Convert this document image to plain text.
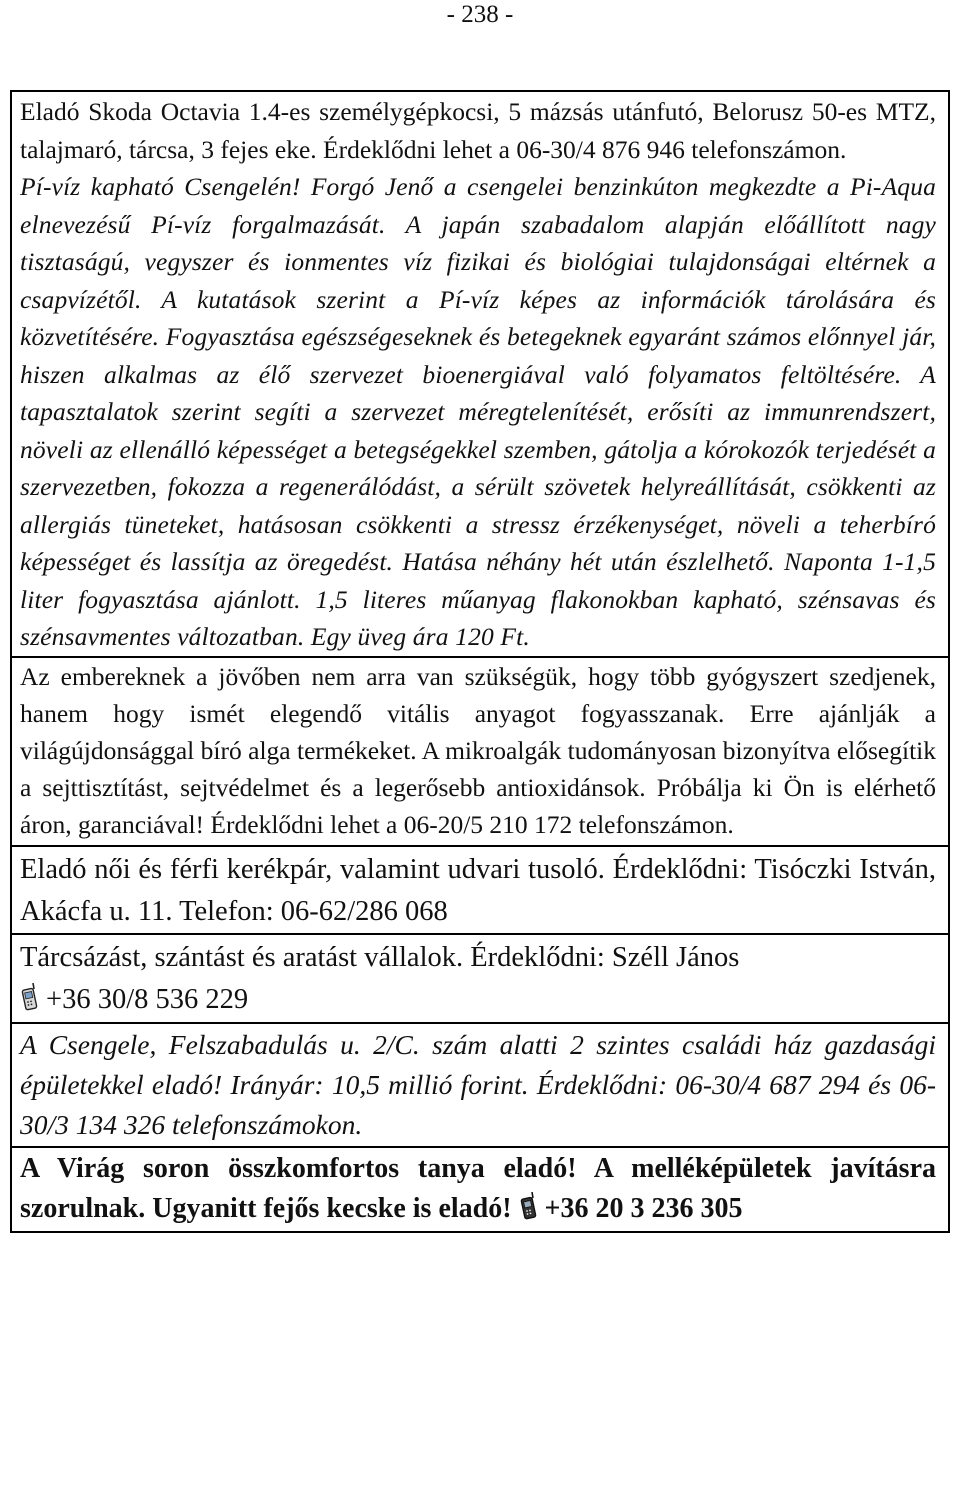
- 238 -
Eladó Skoda Octavia 1.4-es személygépkocsi, 5 mázsás utánfutó, Belorusz 50-es MTZ, talajmaró, tárcsa, 3 fejes eke. Érdeklődni lehet a 06-30/4 876 946 telefonszámon.
Pí-víz kapható Csengelén! Forgó Jenő a csengelei benzinkúton megkezdte a Pi-Aqua elnevezésű Pí-víz forgalmazását. A japán szabadalom alapján előállított nagy tisztaságú, vegyszer és ionmentes víz fizikai és biológiai tulajdonságai eltérnek a csapvízétől. A kutatások szerint a Pí-víz képes az információk tárolására és közvetítésére. Fogyasztása egészségeseknek és betegeknek egyaránt számos előnnyel jár, hiszen alkalmas az élő szervezet bioenergiával való folyamatos feltöltésére. A tapasztalatok szerint segíti a szervezet méregtelenítését, erősíti az immunrendszert, növeli az ellenálló képességet a betegségekkel szemben, gátolja a kórokozók terjedését a szervezetben, fokozza a regenerálódást, a sérült szövetek helyreállítását, csökkenti az allergiás tüneteket, hatásosan csökkenti a stressz érzékenységet, növeli a teherbíró képességet és lassítja az öregedést. Hatása néhány hét után észlelhető. Naponta 1-1,5 liter fogyasztása ajánlott. 1,5 literes műanyag flakonokban kapható, szénsavas és szénsavmentes változatban. Egy üveg ára 120 Ft.
Az embereknek a jövőben nem arra van szükségük, hogy több gyógyszert szedjenek, hanem hogy ismét elegendő vitális anyagot fogyasszanak. Erre ajánlják a világújdonsággal bíró alga termékeket. A mikroalgák tudományosan bizonyítva elősegítik a sejttisztítást, sejtvédelmet és a legerősebb antioxidánsok. Próbálja ki Ön is elérhető áron, garanciával! Érdeklődni lehet a 06-20/5 210 172 telefonszámon.
Eladó női és férfi kerékpár, valamint udvari tusoló. Érdeklődni: Tisóczki István, Akácfa u. 11. Telefon: 06-62/286 068
Tárcsázást, szántást és aratást vállalok. Érdeklődni: Széll János
+36 30/8 536 229
A Csengele, Felszabadulás u. 2/C. szám alatti 2 szintes családi ház gazdasági épületekkel eladó! Irányár: 10,5 millió forint. Érdeklődni: 06-30/4 687 294 és 06-30/3 134 326 telefonszámokon.
A Virág soron összkomfortos tanya eladó! A melléképületek javításra szorulnak. Ugyanitt fejős kecske is eladó! +36 20 3 236 305
